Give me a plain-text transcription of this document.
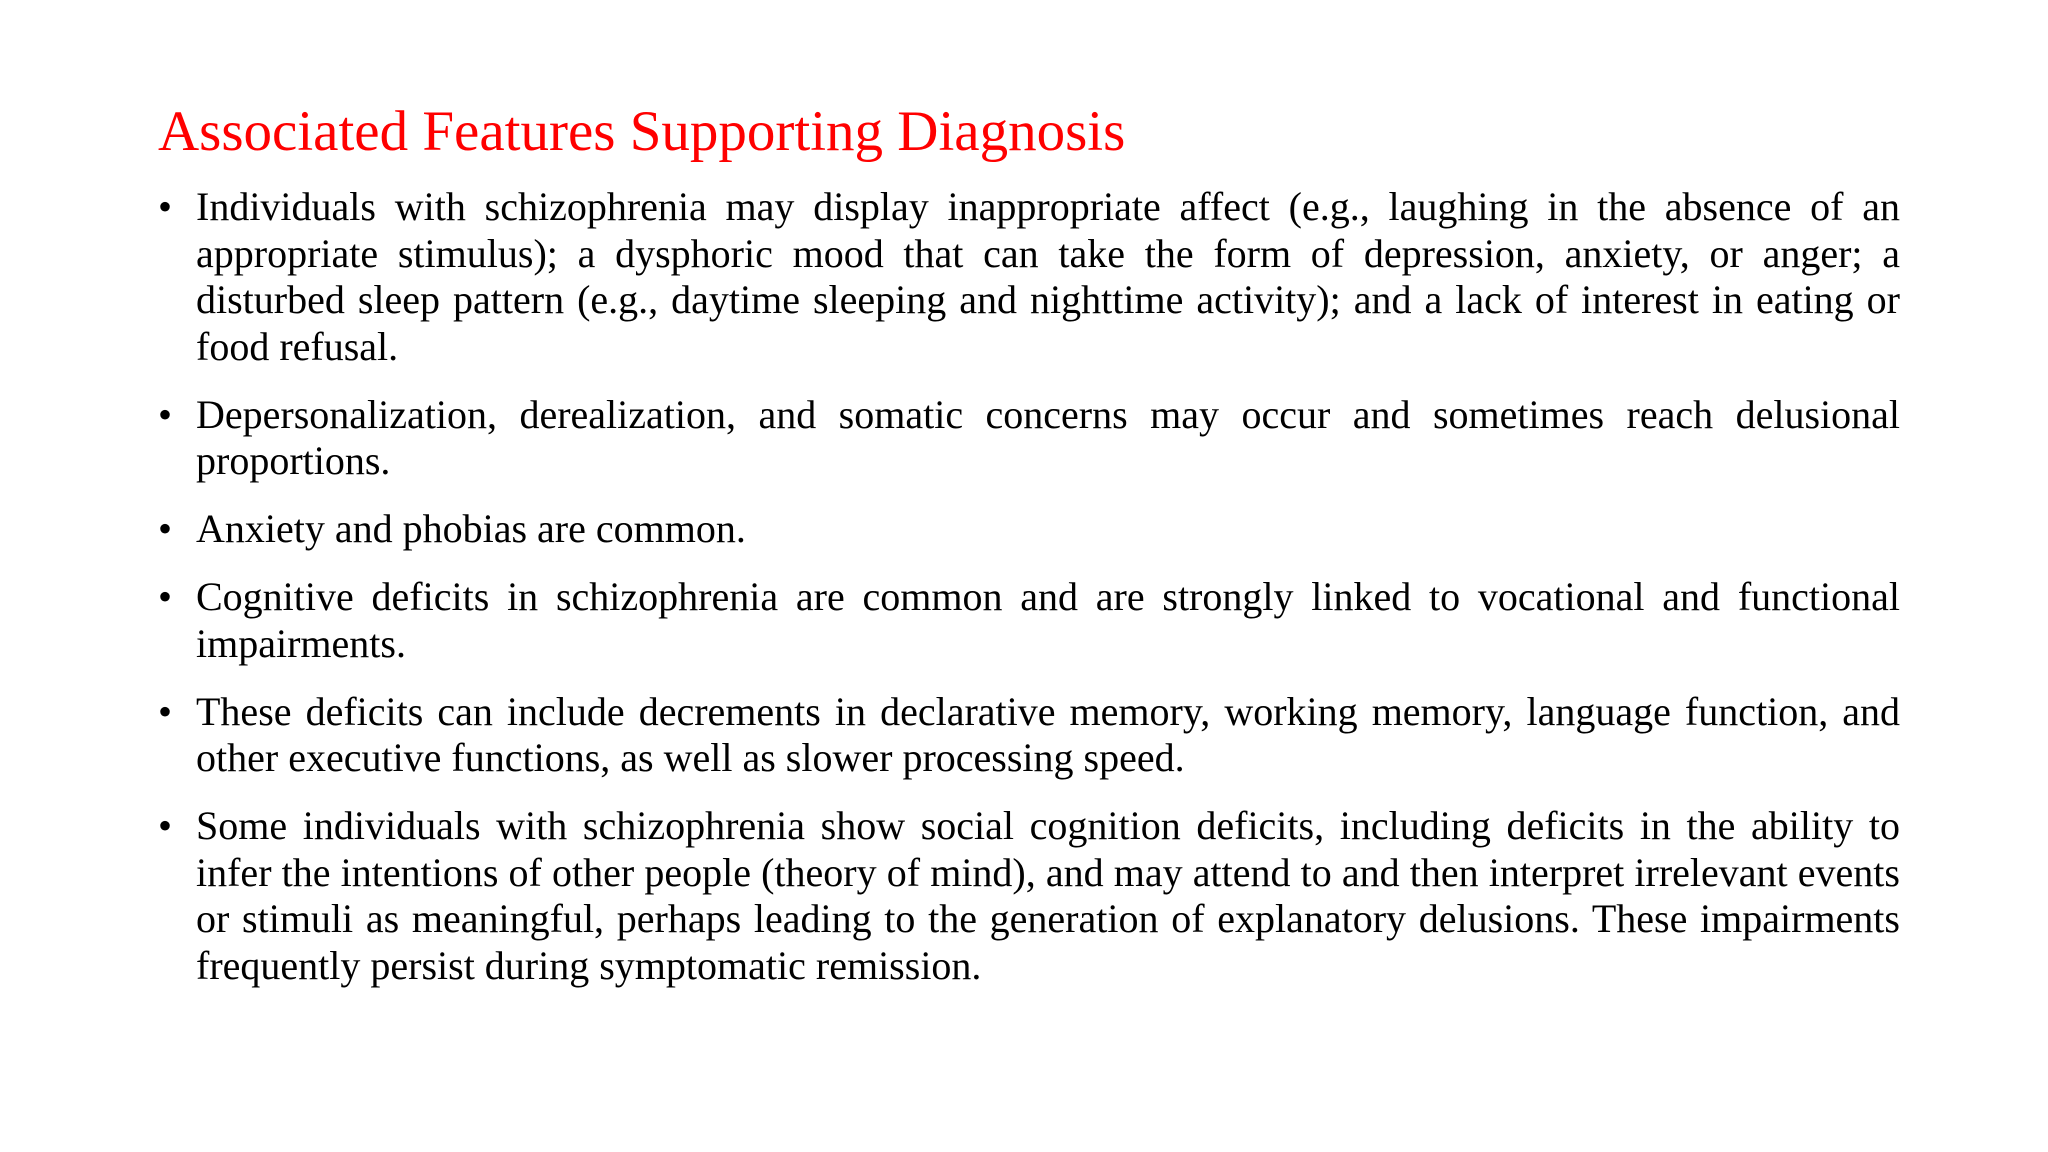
Associated Features Supporting Diagnosis
• Individuals with schizophrenia may display inappropriate affect (e.g., laughing in the absence of an appropriate stimulus); a dysphoric mood that can take the form of depression, anxiety, or anger; a disturbed sleep pattern (e.g., daytime sleeping and nighttime activity); and a lack of interest in eating or food refusal.
• Depersonalization, derealization, and somatic concerns may occur and sometimes reach delusional proportions.
• Anxiety and phobias are common.
• Cognitive deficits in schizophrenia are common and are strongly linked to vocational and functional impairments.
• These deficits can include decrements in declarative memory, working memory, language function, and other executive functions, as well as slower processing speed.
• Some individuals with schizophrenia show social cognition deficits, including deficits in the ability to infer the intentions of other people (theory of mind), and may attend to and then interpret irrelevant events or stimuli as meaningful, perhaps leading to the generation of explanatory delusions. These impairments frequently persist during symptomatic remission.
